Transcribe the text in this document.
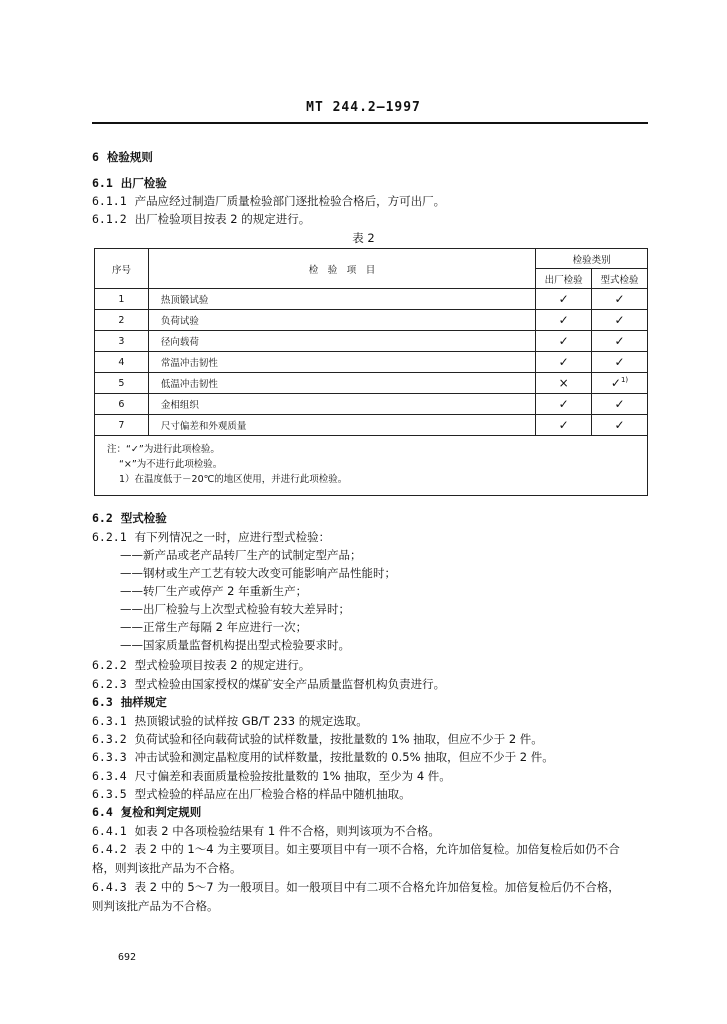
MT 244.2—1997
6 检验规则
6.1 出厂检验
6.1.1 产品应经过制造厂质量检验部门逐批检验合格后，方可出厂。
6.1.2 出厂检验项目按表 2 的规定进行。
表 2
序号	检　验　项　目	检验类别	
		出厂检验	型式检验
1	热顶锻试验	✓	✓
2	负荷试验	✓	✓
3	径向载荷	✓	✓
4	常温冲击韧性	✓	✓
5	低温冲击韧性	×	✓$^{1)}$
6	金相组织	✓	✓
7	尺寸偏差和外观质量	✓	✓

注：“✓”为进行此项检验。
“×”为不进行此项检验。
1）在温度低于－20℃的地区使用，并进行此项检验。			
6.2 型式检验
6.2.1 有下列情况之一时，应进行型式检验：
——新产品或老产品转厂生产的试制定型产品；
——钢材或生产工艺有较大改变可能影响产品性能时；
——转厂生产或停产 2 年重新生产；
——出厂检验与上次型式检验有较大差异时；
——正常生产每隔 2 年应进行一次；
——国家质量监督机构提出型式检验要求时。
6.2.2 型式检验项目按表 2 的规定进行。
6.2.3 型式检验由国家授权的煤矿安全产品质量监督机构负责进行。
6.3 抽样规定
6.3.1 热顶锻试验的试样按 GB/T 233 的规定选取。
6.3.2 负荷试验和径向载荷试验的试样数量，按批量数的 1% 抽取，但应不少于 2 件。
6.3.3 冲击试验和测定晶粒度用的试样数量，按批量数的 0.5% 抽取，但应不少于 2 件。
6.3.4 尺寸偏差和表面质量检验按批量数的 1% 抽取，至少为 4 件。
6.3.5 型式检验的样品应在出厂检验合格的样品中随机抽取。
6.4 复检和判定规则
6.4.1 如表 2 中各项检验结果有 1 件不合格，则判该项为不合格。
6.4.2 表 2 中的 1～4 为主要项目。如主要项目中有一项不合格，允许加倍复检。加倍复检后如仍不合
格，则判该批产品为不合格。
6.4.3 表 2 中的 5～7 为一般项目。如一般项目中有二项不合格允许加倍复检。加倍复检后仍不合格，
则判该批产品为不合格。
692
